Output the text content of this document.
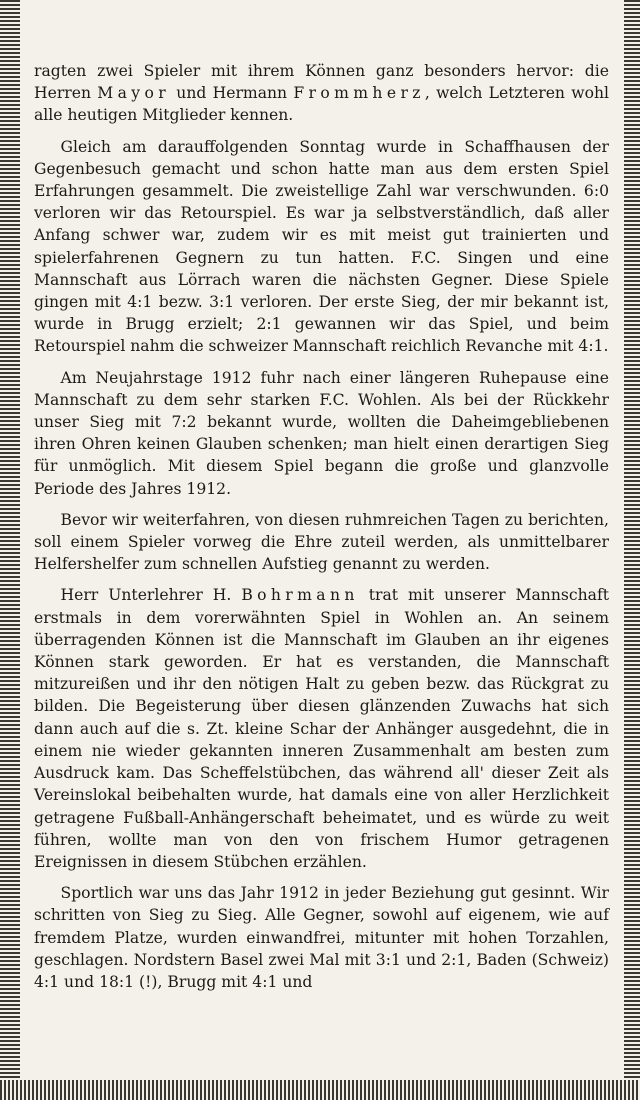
ragten zwei Spieler mit ihrem Können ganz besonders hervor: die Herren Mayor und Hermann Frommherz, welch Letzteren wohl alle heutigen Mitglieder kennen.

Gleich am darauffolgenden Sonntag wurde in Schaffhausen der Gegenbesuch gemacht und schon hatte man aus dem ersten Spiel Erfahrungen gesammelt. Die zweistellige Zahl war verschwunden. 6:0 verloren wir das Retourspiel. Es war ja selbstverständlich, daß aller Anfang schwer war, zudem wir es mit meist gut trainierten und spielerfahrenen Gegnern zu tun hatten. F.C. Singen und eine Mannschaft aus Lörrach waren die nächsten Gegner. Diese Spiele gingen mit 4:1 bezw. 3:1 verloren. Der erste Sieg, der mir bekannt ist, wurde in Brugg erzielt; 2:1 gewannen wir das Spiel, und beim Retourspiel nahm die schweizer Mannschaft reichlich Revanche mit 4:1.

Am Neujahrstage 1912 fuhr nach einer längeren Ruhepause eine Mannschaft zu dem sehr starken F.C. Wohlen. Als bei der Rückkehr unser Sieg mit 7:2 bekannt wurde, wollten die Daheimgebliebenen ihren Ohren keinen Glauben schenken; man hielt einen derartigen Sieg für unmöglich. Mit diesem Spiel begann die große und glanzvolle Periode des Jahres 1912.

Bevor wir weiterfahren, von diesen ruhmreichen Tagen zu berichten, soll einem Spieler vorweg die Ehre zuteil werden, als unmittelbarer Helfershelfer zum schnellen Aufstieg genannt zu werden.

Herr Unterlehrer H. Bohrmann trat mit unserer Mannschaft erstmals in dem vorerwähnten Spiel in Wohlen an. An seinem überragenden Können ist die Mannschaft im Glauben an ihr eigenes Können stark geworden. Er hat es verstanden, die Mannschaft mitzureißen und ihr den nötigen Halt zu geben bezw. das Rückgrat zu bilden. Die Begeisterung über diesen glänzenden Zuwachs hat sich dann auch auf die s. Zt. kleine Schar der Anhänger ausgedehnt, die in einem nie wieder gekannten inneren Zusammenhalt am besten zum Ausdruck kam. Das Scheffelstübchen, das während all' dieser Zeit als Vereinslokal beibehalten wurde, hat damals eine von aller Herzlichkeit getragene Fußball-Anhängerschaft beheimatet, und es würde zu weit führen, wollte man von den von frischem Humor getragenen Ereignissen in diesem Stübchen erzählen.

Sportlich war uns das Jahr 1912 in jeder Beziehung gut gesinnt. Wir schritten von Sieg zu Sieg. Alle Gegner, sowohl auf eigenem, wie auf fremdem Platze, wurden einwandfrei, mitunter mit hohen Torzahlen, geschlagen. Nordstern Basel zwei Mal mit 3:1 und 2:1, Baden (Schweiz) 4:1 und 18:1 (!), Brugg mit 4:1 und
